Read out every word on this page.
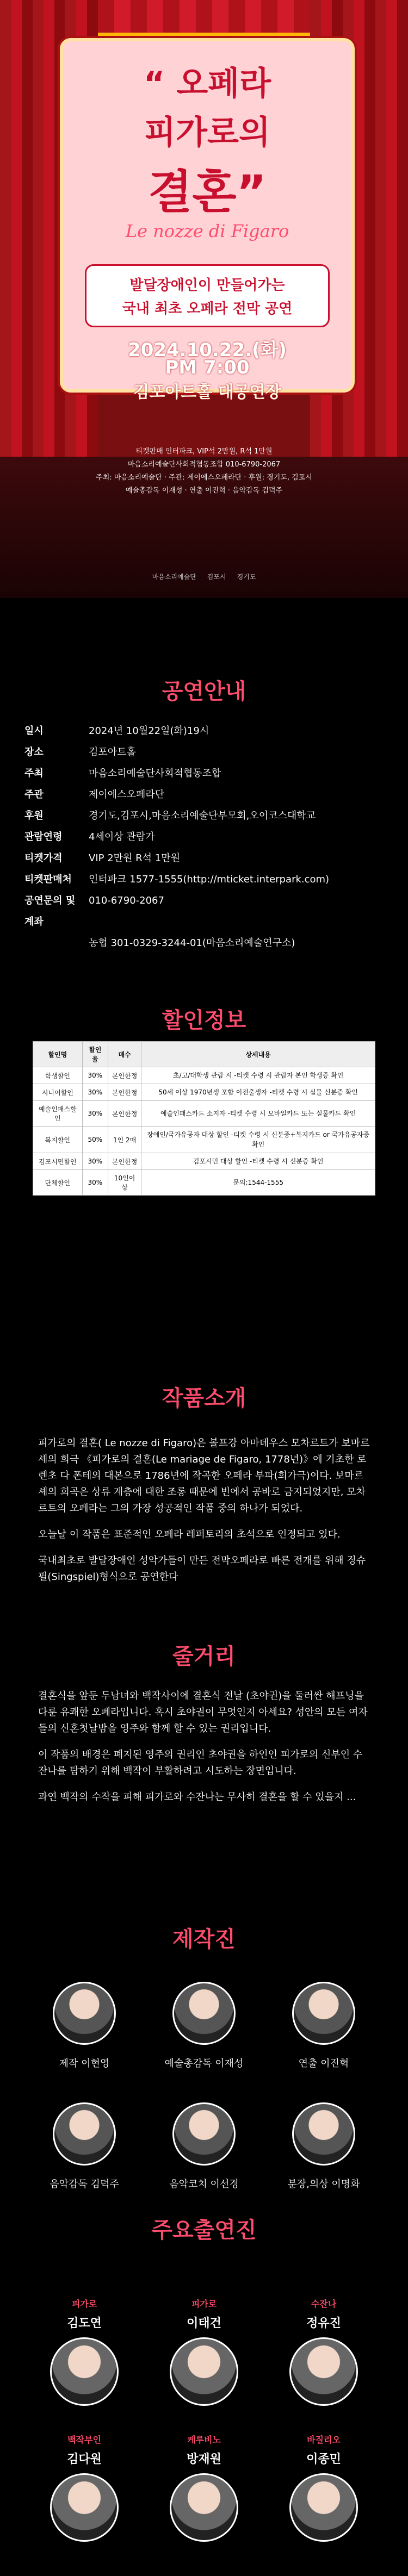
“ 오페라
피가로의
결혼”
Le nozze di Figaro
발달장애인이 만들어가는
국내 최초 오페라 전막 공연
2024.10.22.(화)
PM 7:00
김포아트홀 대공연장
티켓판매 인터파크, VIP석 2만원, R석 1만원
마음소리예술단사회적협동조합 010-6790-2067
주최: 마음소리예술단 · 주관: 제이에스오페라단 · 후원: 경기도, 김포시
예술총감독 이재성 · 연출 이진혁 · 음악감독 김덕주
마음소리예술단 김포시 경기도
공연안내
일시	2024년 10월22일(화)19시
장소	김포아트홀
주최	마음소리예술단사회적협동조합
주관	제이에스오페라단
후원	경기도,김포시,마음소리예술단부모회,오이코스대학교
관람연령	4세이상 관람가
티켓가격	VIP 2만원 R석 1만원
티켓판매처	인터파크 1577-1555(http://mticket.interpark.com)
공연문의 및 계좌
010-6790-2067
농협 301-0329-3244-01(마음소리예술연구소)
할인정보
할인명	할인율	매수	상세내용
학생할인	30%	본인한정	초/고/대학생 관람 시 -티켓 수령 시 관람자 본인 학생증 확인
시니어할인	30%	본인한정	50세 이상 1970년생 포함 이전출생자 -티켓 수령 시 실물 신분증 확인
예술인패스할인	30%	본인한정	예술인패스카드 소지자 -티켓 수령 시 모바일카드 또는 실물카드 확인
복지할인	50%	1인 2매	장애인/국가유공자 대상 할인 -티켓 수령 시 신분증+복지카드 or 국가유공자증 확인
김포시민할인	30%	본인한정	김포시민 대상 할인 -티켓 수령 시 신분증 확인
단체할인	30%	10인이상	문의:1544-1555
작품소개

피가로의 결혼( Le nozze di Figaro)은 볼프강 아마데우스 모차르트가 보마르셰의 희극 《피가로의 결혼(Le mariage de Figaro, 1778년)》에 기초한 로렌초 다 폰테의 대본으로 1786년에 작곡한 오페라 부파(희가극)이다. 보마르셰의 희곡은 상류 계층에 대한 조롱 때문에 빈에서 공바로 금지되었지만, 모차르트의 오페라는 그의 가장 성공적인 작품 중의 하나가 되었다.

오늘날 이 작품은 표준적인 오페라 레퍼토리의 초석으로 인정되고 있다.

국내최초로 발달장애인 성악가들이 만든 전막오페라로 빠른 전개를 위해 징슈필(Singspiel)형식으로 공연한다

줄거리

결혼식을 앞둔 두남녀와 백작사이에 결혼식 전날 (초야권)을 둘러싼 해프닝을 다룬 유쾌한 오페라입니다. 혹시 초야권이 무엇인지 아세요? 성안의 모든 여자들의 신혼첫날밤을 영주와 함께 할 수 있는 권리입니다.

이 작품의 배경은 폐지된 영주의 권리인 초야권을 하인인 피가로의 신부인 수잔나를 탐하기 위해 백작이 부활하려고 시도하는 장면입니다.

과연 백작의 수작을 피해 피가로와 수잔나는 무사히 결혼을 할 수 있을지 ...

제작진
제작 이현영	예술총감독 이재성	연출 이진혁
음악감독 김덕주	음악코치 이선경	분장,의상 이명화
주요출연진
피가로
김도연
피가로
이태건
수잔나
정유진
백작부인
김다원
케루비노
방재원
바질리오
이종민
